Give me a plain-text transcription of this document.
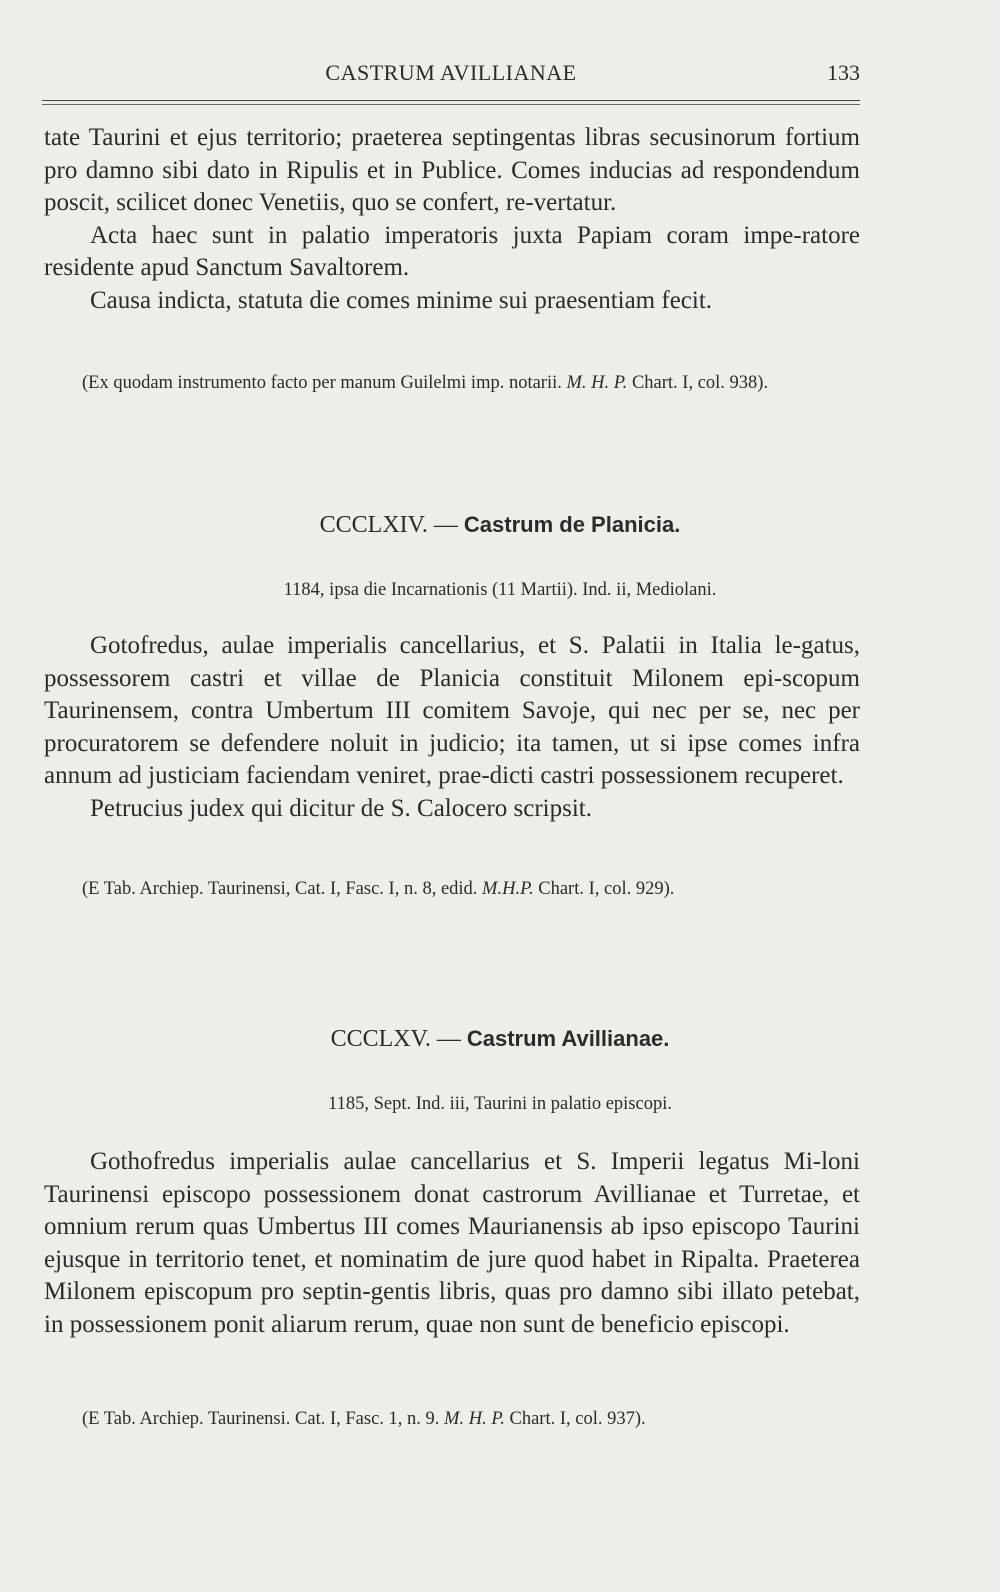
CASTRUM AVILLIANAE	133

tate Taurini et ejus territorio; praeterea septingentas libras secusinorum fortium pro damno sibi dato in Ripulis et in Publice. Comes inducias ad respondendum poscit, scilicet donec Venetiis, quo se confert, re-vertatur.

Acta haec sunt in palatio imperatoris juxta Papiam coram impe-ratore residente apud Sanctum Savaltorem.

Causa indicta, statuta die comes minime sui praesentiam fecit.

(Ex quodam instrumento facto per manum Guilelmi imp. notarii. M. H. P. Chart. I, col. 938).

CCCLXIV. — Castrum de Planicia.
1184, ipsa die Incarnationis (11 Martii). Ind. ii, Mediolani.

Gotofredus, aulae imperialis cancellarius, et S. Palatii in Italia le-gatus, possessorem castri et villae de Planicia constituit Milonem epi-scopum Taurinensem, contra Umbertum III comitem Savoje, qui nec per se, nec per procuratorem se defendere noluit in judicio; ita tamen, ut si ipse comes infra annum ad justiciam faciendam veniret, prae-dicti castri possessionem recuperet.

Petrucius judex qui dicitur de S. Calocero scripsit.

(E Tab. Archiep. Taurinensi, Cat. I, Fasc. I, n. 8, edid. M.H.P. Chart. I, col. 929).

CCCLXV. — Castrum Avillianae.
1185, Sept. Ind. iii, Taurini in palatio episcopi.

Gothofredus imperialis aulae cancellarius et S. Imperii legatus Mi-loni Taurinensi episcopo possessionem donat castrorum Avillianae et Turretae, et omnium rerum quas Umbertus III comes Maurianensis ab ipso episcopo Taurini ejusque in territorio tenet, et nominatim de jure quod habet in Ripalta. Praeterea Milonem episcopum pro septin-gentis libris, quas pro damno sibi illato petebat, in possessionem ponit aliarum rerum, quae non sunt de beneficio episcopi.

(E Tab. Archiep. Taurinensi. Cat. I, Fasc. 1, n. 9. M. H. P. Chart. I, col. 937).
